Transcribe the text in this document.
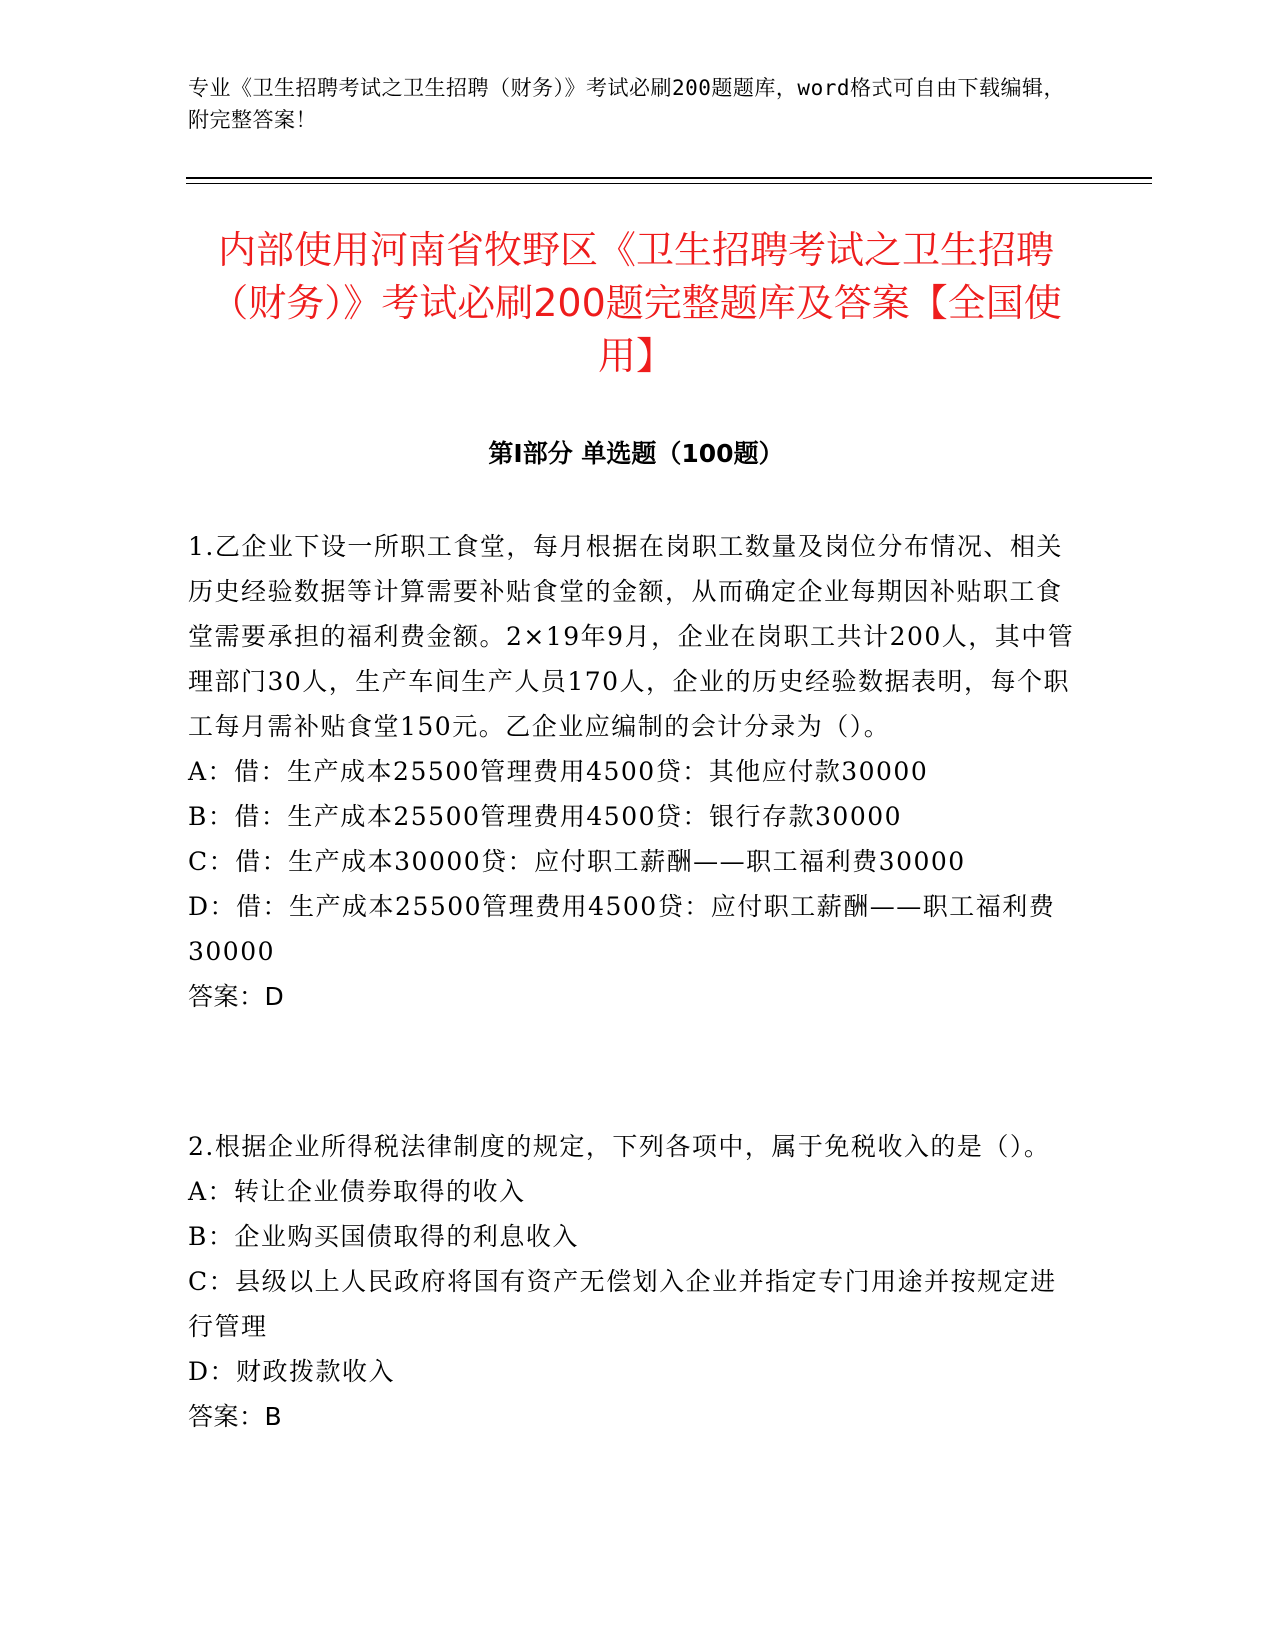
专业《卫生招聘考试之卫生招聘（财务）》考试必刷200题题库，word格式可自由下载编辑，附完整答案！
内部使用河南省牧野区《卫生招聘考试之卫生招聘（财务）》考试必刷200题完整题库及答案【全国使用】
第Ⅰ部分 单选题（100题）

1.乙企业下设一所职工食堂，每月根据在岗职工数量及岗位分布情况、相关历史经验数据等计算需要补贴食堂的金额，从而确定企业每期因补贴职工食堂需要承担的福利费金额。2×19年9月，企业在岗职工共计200人，其中管理部门30人，生产车间生产人员170人，企业的历史经验数据表明，每个职工每月需补贴食堂150元。乙企业应编制的会计分录为（）。

A：借：生产成本25500管理费用4500贷：其他应付款30000

B：借：生产成本25500管理费用4500贷：银行存款30000

C：借：生产成本30000贷：应付职工薪酬——职工福利费30000

D：借：生产成本25500管理费用4500贷：应付职工薪酬——职工福利费30000

答案：D

2.根据企业所得税法律制度的规定，下列各项中，属于免税收入的是（）。

A：转让企业债券取得的收入

B：企业购买国债取得的利息收入

C：县级以上人民政府将国有资产无偿划入企业并指定专门用途并按规定进行管理

D：财政拨款收入

答案：B
